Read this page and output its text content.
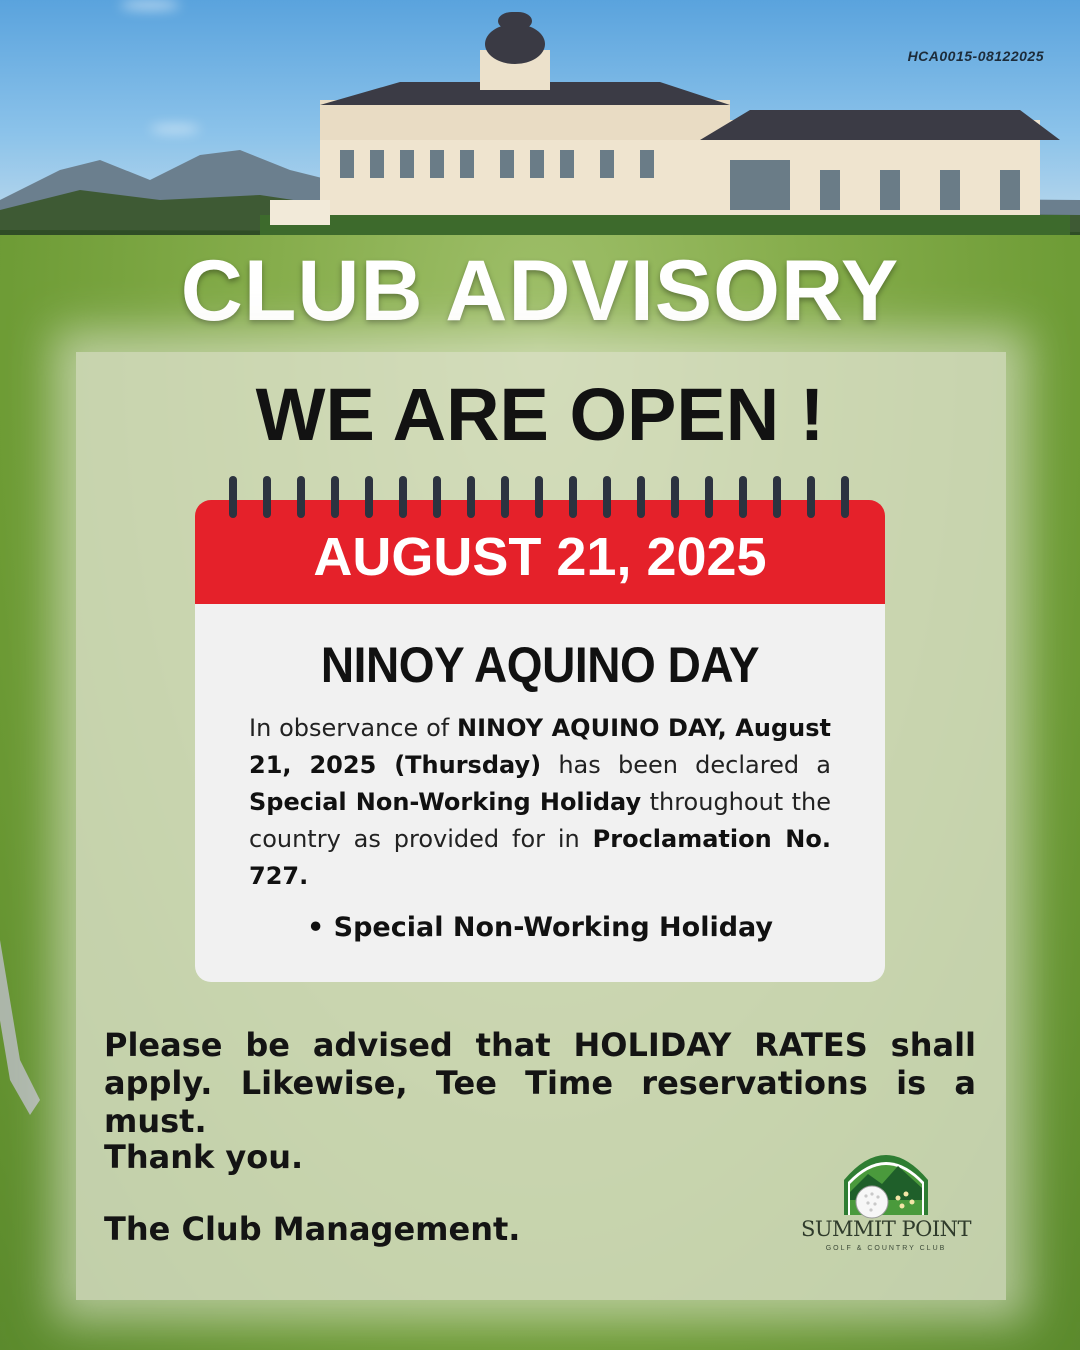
HCA0015-08122025
CLUB ADVISORY
WE ARE OPEN !
AUGUST 21, 2025
NINOY AQUINO DAY
In observance of NINOY AQUINO DAY, August 21, 2025 (Thursday) has been declared a Special Non-Working Holiday throughout the country as provided for in Proclamation No. 727.
• Special Non-Working Holiday
Please be advised that HOLIDAY RATES shall apply. Likewise, Tee Time reservations is a must.
Thank you.
The Club Management.	SUMMIT POINT
GOLF & COUNTRY CLUB
